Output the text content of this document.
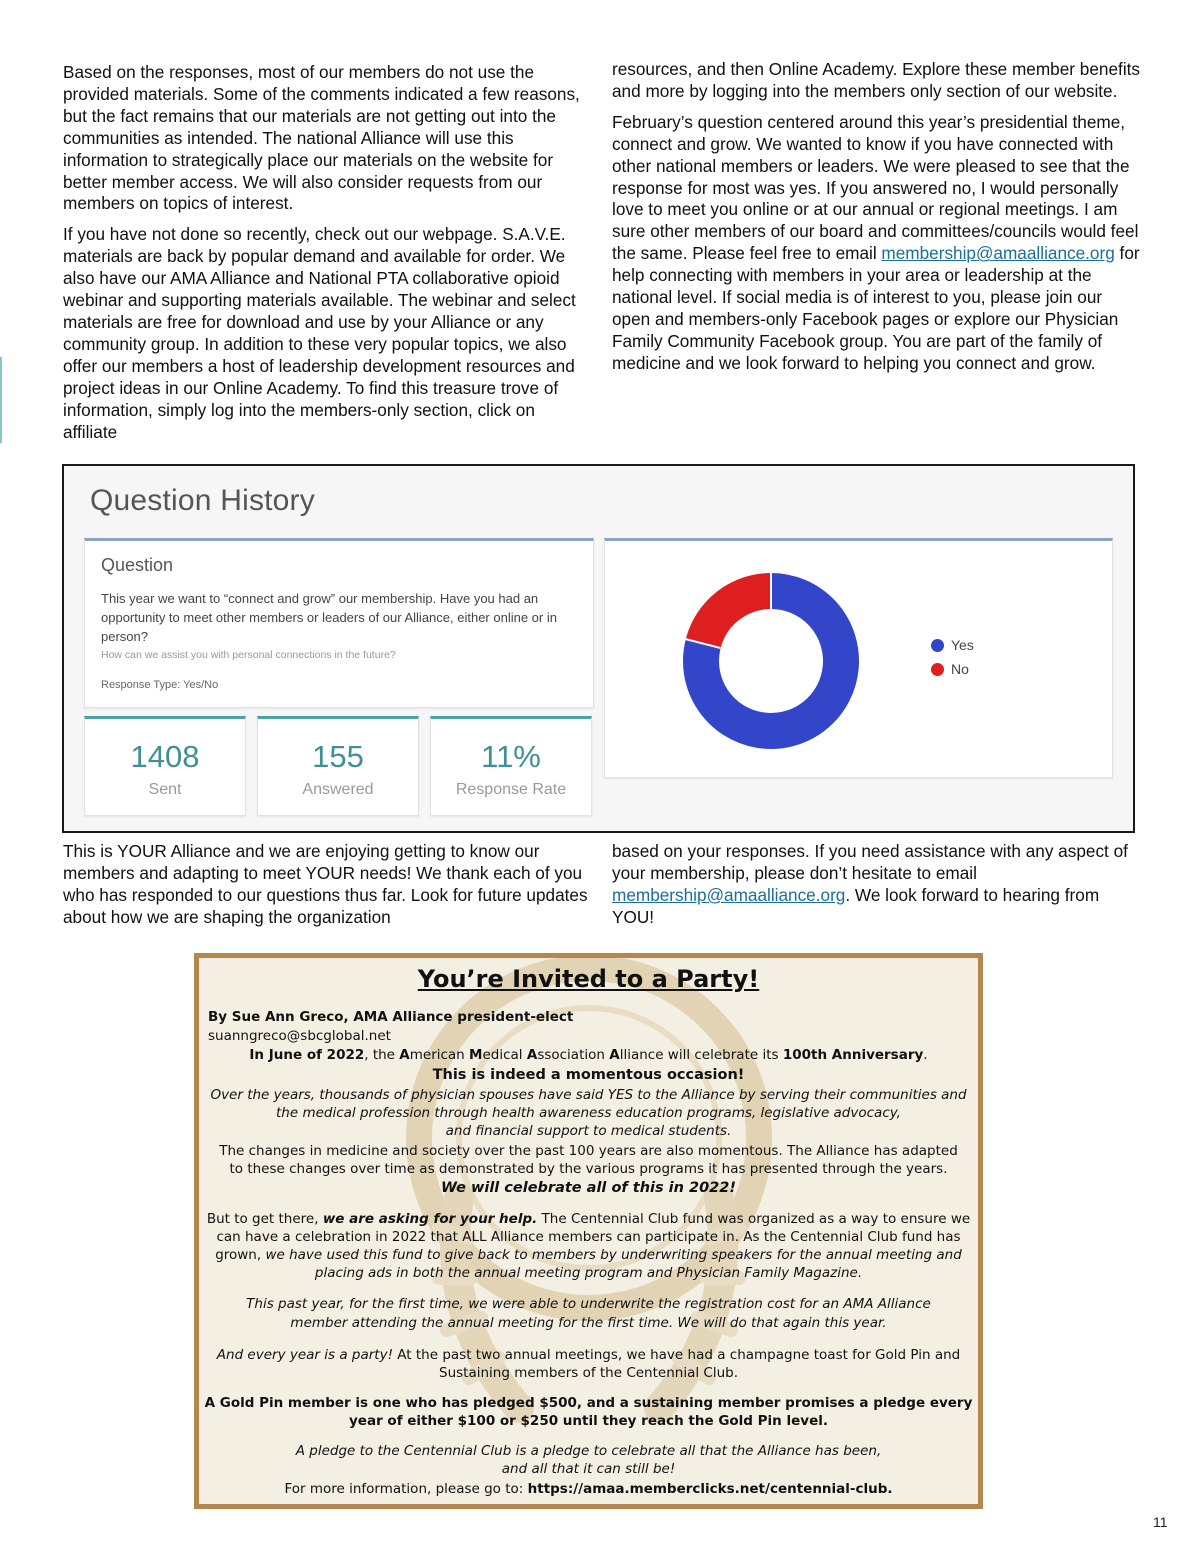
Based on the responses, most of our members do not use the provided materials. Some of the comments indicated a few reasons, but the fact remains that our materials are not getting out into the communities as intended. The national Alliance will use this information to strategically place our materials on the website for better member access. We will also consider requests from our members on topics of interest.

If you have not done so recently, check out our webpage. S.A.V.E. materials are back by popular demand and available for order. We also have our AMA Alliance and National PTA collaborative opioid webinar and supporting materials available. The webinar and select materials are free for download and use by your Alliance or any community group. In addition to these very popular topics, we also offer our members a host of leadership development resources and project ideas in our Online Academy. To find this treasure trove of information, simply log into the members-only section, click on affiliate

resources, and then Online Academy. Explore these member benefits and more by logging into the members only section of our website.

February’s question centered around this year’s presidential theme, connect and grow. We wanted to know if you have connected with other national members or leaders. We were pleased to see that the response for most was yes. If you answered no, I would personally love to meet you online or at our annual or regional meetings. I am sure other members of our board and committees/councils would feel the same. Please feel free to email membership@amaalliance.org for help connecting with members in your area or leadership at the national level. If social media is of interest to you, please join our open and members-only Facebook pages or explore our Physician Family Community Facebook group. You are part of the family of medicine and we look forward to helping you connect and grow.

Question History
Question
This year we want to “connect and grow” our membership. Have you had an opportunity to meet other members or leaders of our Alliance, either online or in person?
How can we assist you with personal connections in the future?
Response Type: Yes/No
1408
Sent
155
Answered
11%
Response Rate
Yes
No

This is YOUR Alliance and we are enjoying getting to know our members and adapting to meet YOUR needs! We thank each of you who has responded to our questions thus far. Look for future updates about how we are shaping the organization

based on your responses. If you need assistance with any aspect of your membership, please don’t hesitate to email membership@amaalliance.org. We look forward to hearing from YOU!

You’re Invited to a Party!
By Sue Ann Greco, AMA Alliance president-elect
suanngreco@sbcglobal.net
In June of 2022, the American Medical Association Alliance will celebrate its 100th Anniversary.
This is indeed a momentous occasion!
Over the years, thousands of physician spouses have said YES to the Alliance by serving their communities and
the medical profession through health awareness education programs, legislative advocacy,
and financial support to medical students.
The changes in medicine and society over the past 100 years are also momentous. The Alliance has adapted
to these changes over time as demonstrated by the various programs it has presented through the years.
We will celebrate all of this in 2022!
But to get there, we are asking for your help. The Centennial Club fund was organized as a way to ensure we
can have a celebration in 2022 that ALL Alliance members can participate in. As the Centennial Club fund has
grown, we have used this fund to give back to members by underwriting speakers for the annual meeting and
placing ads in both the annual meeting program and Physician Family Magazine.
This past year, for the first time, we were able to underwrite the registration cost for an AMA Alliance
member attending the annual meeting for the first time. We will do that again this year.
And every year is a party! At the past two annual meetings, we have had a champagne toast for Gold Pin and
Sustaining members of the Centennial Club.
A Gold Pin member is one who has pledged $500, and a sustaining member promises a pledge every
year of either $100 or $250 until they reach the Gold Pin level.
A pledge to the Centennial Club is a pledge to celebrate all that the Alliance has been,
and all that it can still be!
For more information, please go to: https://amaa.memberclicks.net/centennial-club.
11
